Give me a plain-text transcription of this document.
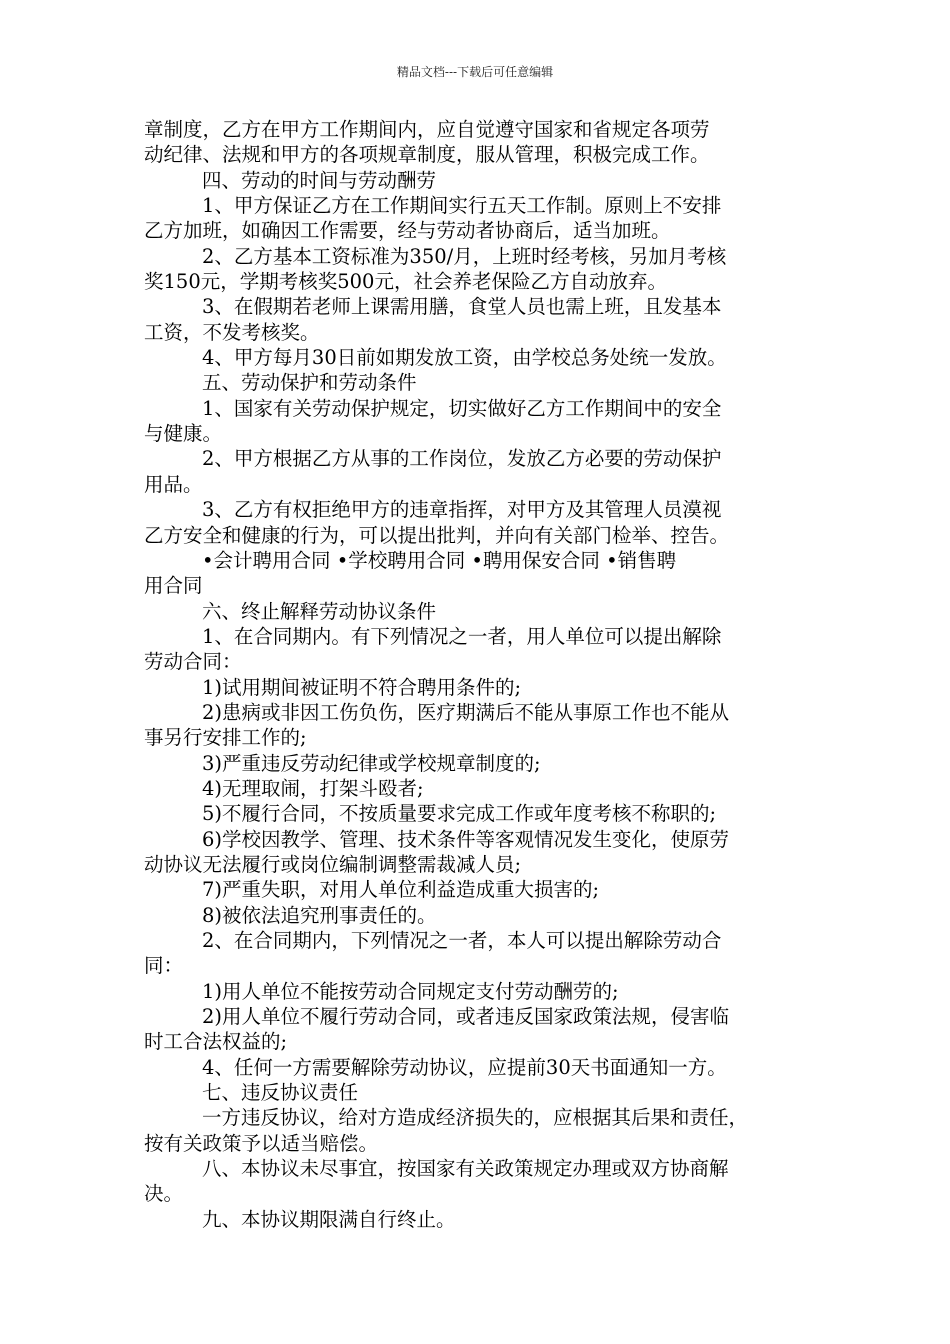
精品文档---下载后可任意编辑
章制度，乙方在甲方工作期间内，应自觉遵守国家和省规定各项劳
动纪律、法规和甲方的各项规章制度，服从管理，积极完成工作。
四、劳动的时间与劳动酬劳
1、甲方保证乙方在工作期间实行五天工作制。原则上不安排
乙方加班，如确因工作需要，经与劳动者协商后，适当加班。
2、乙方基本工资标准为350/月，上班时经考核，另加月考核
奖150元，学期考核奖500元，社会养老保险乙方自动放弃。
3、在假期若老师上课需用膳，食堂人员也需上班，且发基本
工资，不发考核奖。
4、甲方每月30日前如期发放工资，由学校总务处统一发放。
五、劳动保护和劳动条件
1、国家有关劳动保护规定，切实做好乙方工作期间中的安全
与健康。
2、甲方根据乙方从事的工作岗位，发放乙方必要的劳动保护
用品。
3、乙方有权拒绝甲方的违章指挥，对甲方及其管理人员漠视
乙方安全和健康的行为，可以提出批判，并向有关部门检举、控告。
•会计聘用合同 •学校聘用合同 •聘用保安合同 •销售聘
用合同
六、终止解释劳动协议条件
1、在合同期内。有下列情况之一者，用人单位可以提出解除
劳动合同：
1)试用期间被证明不符合聘用条件的;
2)患病或非因工伤负伤，医疗期满后不能从事原工作也不能从
事另行安排工作的;
3)严重违反劳动纪律或学校规章制度的;
4)无理取闹，打架斗殴者;
5)不履行合同，不按质量要求完成工作或年度考核不称职的;
6)学校因教学、管理、技术条件等客观情况发生变化，使原劳
动协议无法履行或岗位编制调整需裁减人员;
7)严重失职，对用人单位利益造成重大损害的;
8)被依法追究刑事责任的。
2、在合同期内，下列情况之一者，本人可以提出解除劳动合
同：
1)用人单位不能按劳动合同规定支付劳动酬劳的;
2)用人单位不履行劳动合同，或者违反国家政策法规，侵害临
时工合法权益的;
4、任何一方需要解除劳动协议，应提前30天书面通知一方。
七、违反协议责任
一方违反协议，给对方造成经济损失的，应根据其后果和责任，
按有关政策予以适当赔偿。
八、本协议未尽事宜，按国家有关政策规定办理或双方协商解
决。
九、本协议期限满自行终止。
